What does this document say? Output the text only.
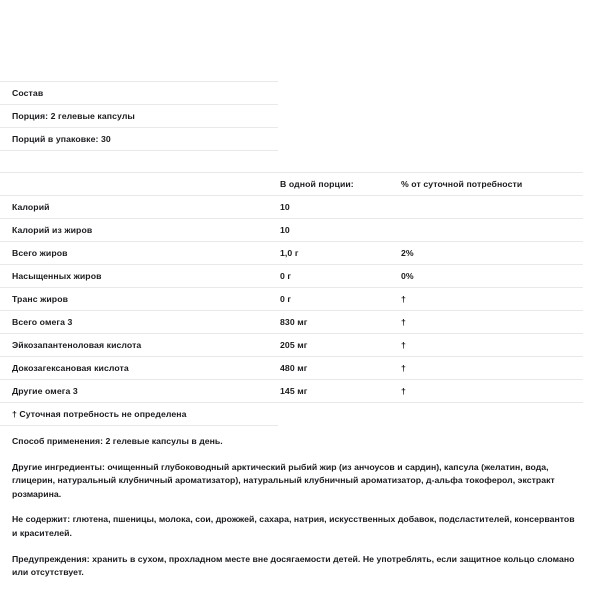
Состав
Порция: 2 гелевые капсулы
Порций в упаковке: 30
	В одной порции:	% от суточной потребности
Калорий	10	
Калорий из жиров	10	
Всего жиров	1,0 г	2%
Насыщенных жиров	0 г	0%
Транс жиров	0 г	†
Всего омега 3	830 мг	†
Эйкозапантеноловая кислота	205 мг	†
Докозагексановая кислота	480 мг	†
Другие омега 3	145 мг	†
† Суточная потребность не определена

Способ применения: 2 гелевые капсулы в день.

Другие ингредиенты: очищенный глубоководный арктический рыбий жир (из анчоусов и сардин), капсула (желатин, вода, глицерин, натуральный клубничный ароматизатор), натуральный клубничный ароматизатор, д-альфа токоферол, экстракт розмарина.

Не содержит: глютена, пшеницы, молока, сои, дрожжей, сахара, натрия, искусственных добавок, подсластителей, консервантов и красителей.

Предупреждения: хранить в сухом, прохладном месте вне досягаемости детей. Не употреблять, если защитное кольцо сломано или отсутствует.
